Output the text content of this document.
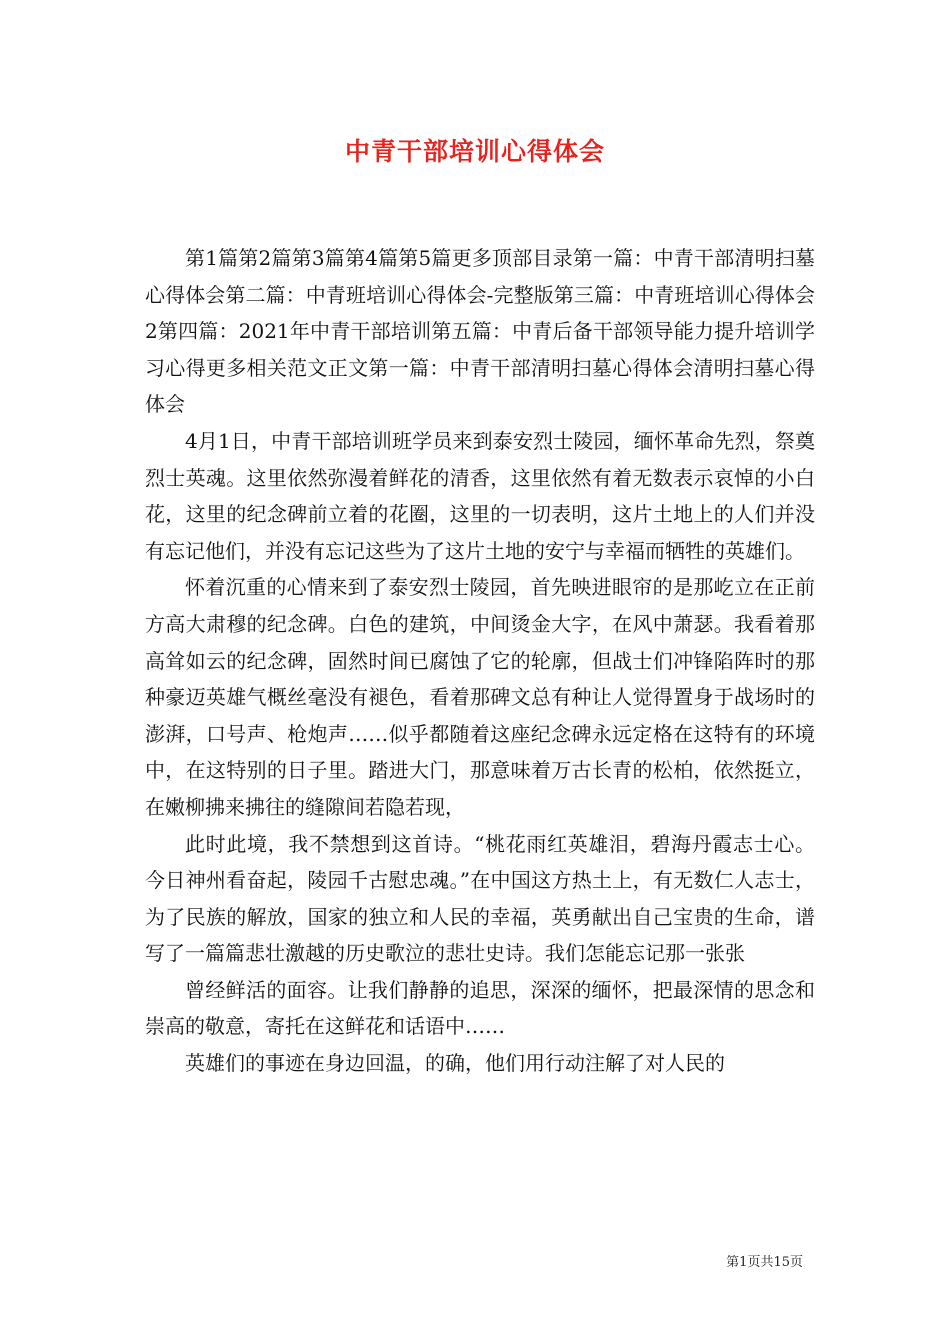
中青干部培训心得体会

第1篇第2篇第3篇第4篇第5篇更多顶部目录第一篇：中青干部清明扫墓心得体会第二篇：中青班培训心得体会-完整版第三篇：中青班培训心得体会2第四篇：2021年中青干部培训第五篇：中青后备干部领导能力提升培训学习心得更多相关范文正文第一篇：中青干部清明扫墓心得体会清明扫墓心得体会

4月1日，中青干部培训班学员来到泰安烈士陵园，缅怀革命先烈，祭奠烈士英魂。这里依然弥漫着鲜花的清香，这里依然有着无数表示哀悼的小白花，这里的纪念碑前立着的花圈，这里的一切表明，这片土地上的人们并没有忘记他们，并没有忘记这些为了这片土地的安宁与幸福而牺牲的英雄们。

怀着沉重的心情来到了泰安烈士陵园，首先映进眼帘的是那屹立在正前方高大肃穆的纪念碑。白色的建筑，中间烫金大字，在风中萧瑟。我看着那高耸如云的纪念碑，固然时间已腐蚀了它的轮廓，但战士们冲锋陷阵时的那种豪迈英雄气概丝毫没有褪色，看着那碑文总有种让人觉得置身于战场时的澎湃，口号声、枪炮声……似乎都随着这座纪念碑永远定格在这特有的环境中，在这特别的日子里。踏进大门，那意味着万古长青的松柏，依然挺立，在嫩柳拂来拂往的缝隙间若隐若现，

此时此境，我不禁想到这首诗。“桃花雨红英雄泪，碧海丹霞志士心。今日神州看奋起，陵园千古慰忠魂。”在中国这方热土上，有无数仁人志士，为了民族的解放，国家的独立和人民的幸福，英勇献出自己宝贵的生命，谱写了一篇篇悲壮激越的历史歌泣的悲壮史诗。我们怎能忘记那一张张

曾经鲜活的面容。让我们静静的追思，深深的缅怀，把最深情的思念和崇高的敬意，寄托在这鲜花和话语中……

英雄们的事迹在身边回温，的确，他们用行动注解了对人民的

第1页共15页
